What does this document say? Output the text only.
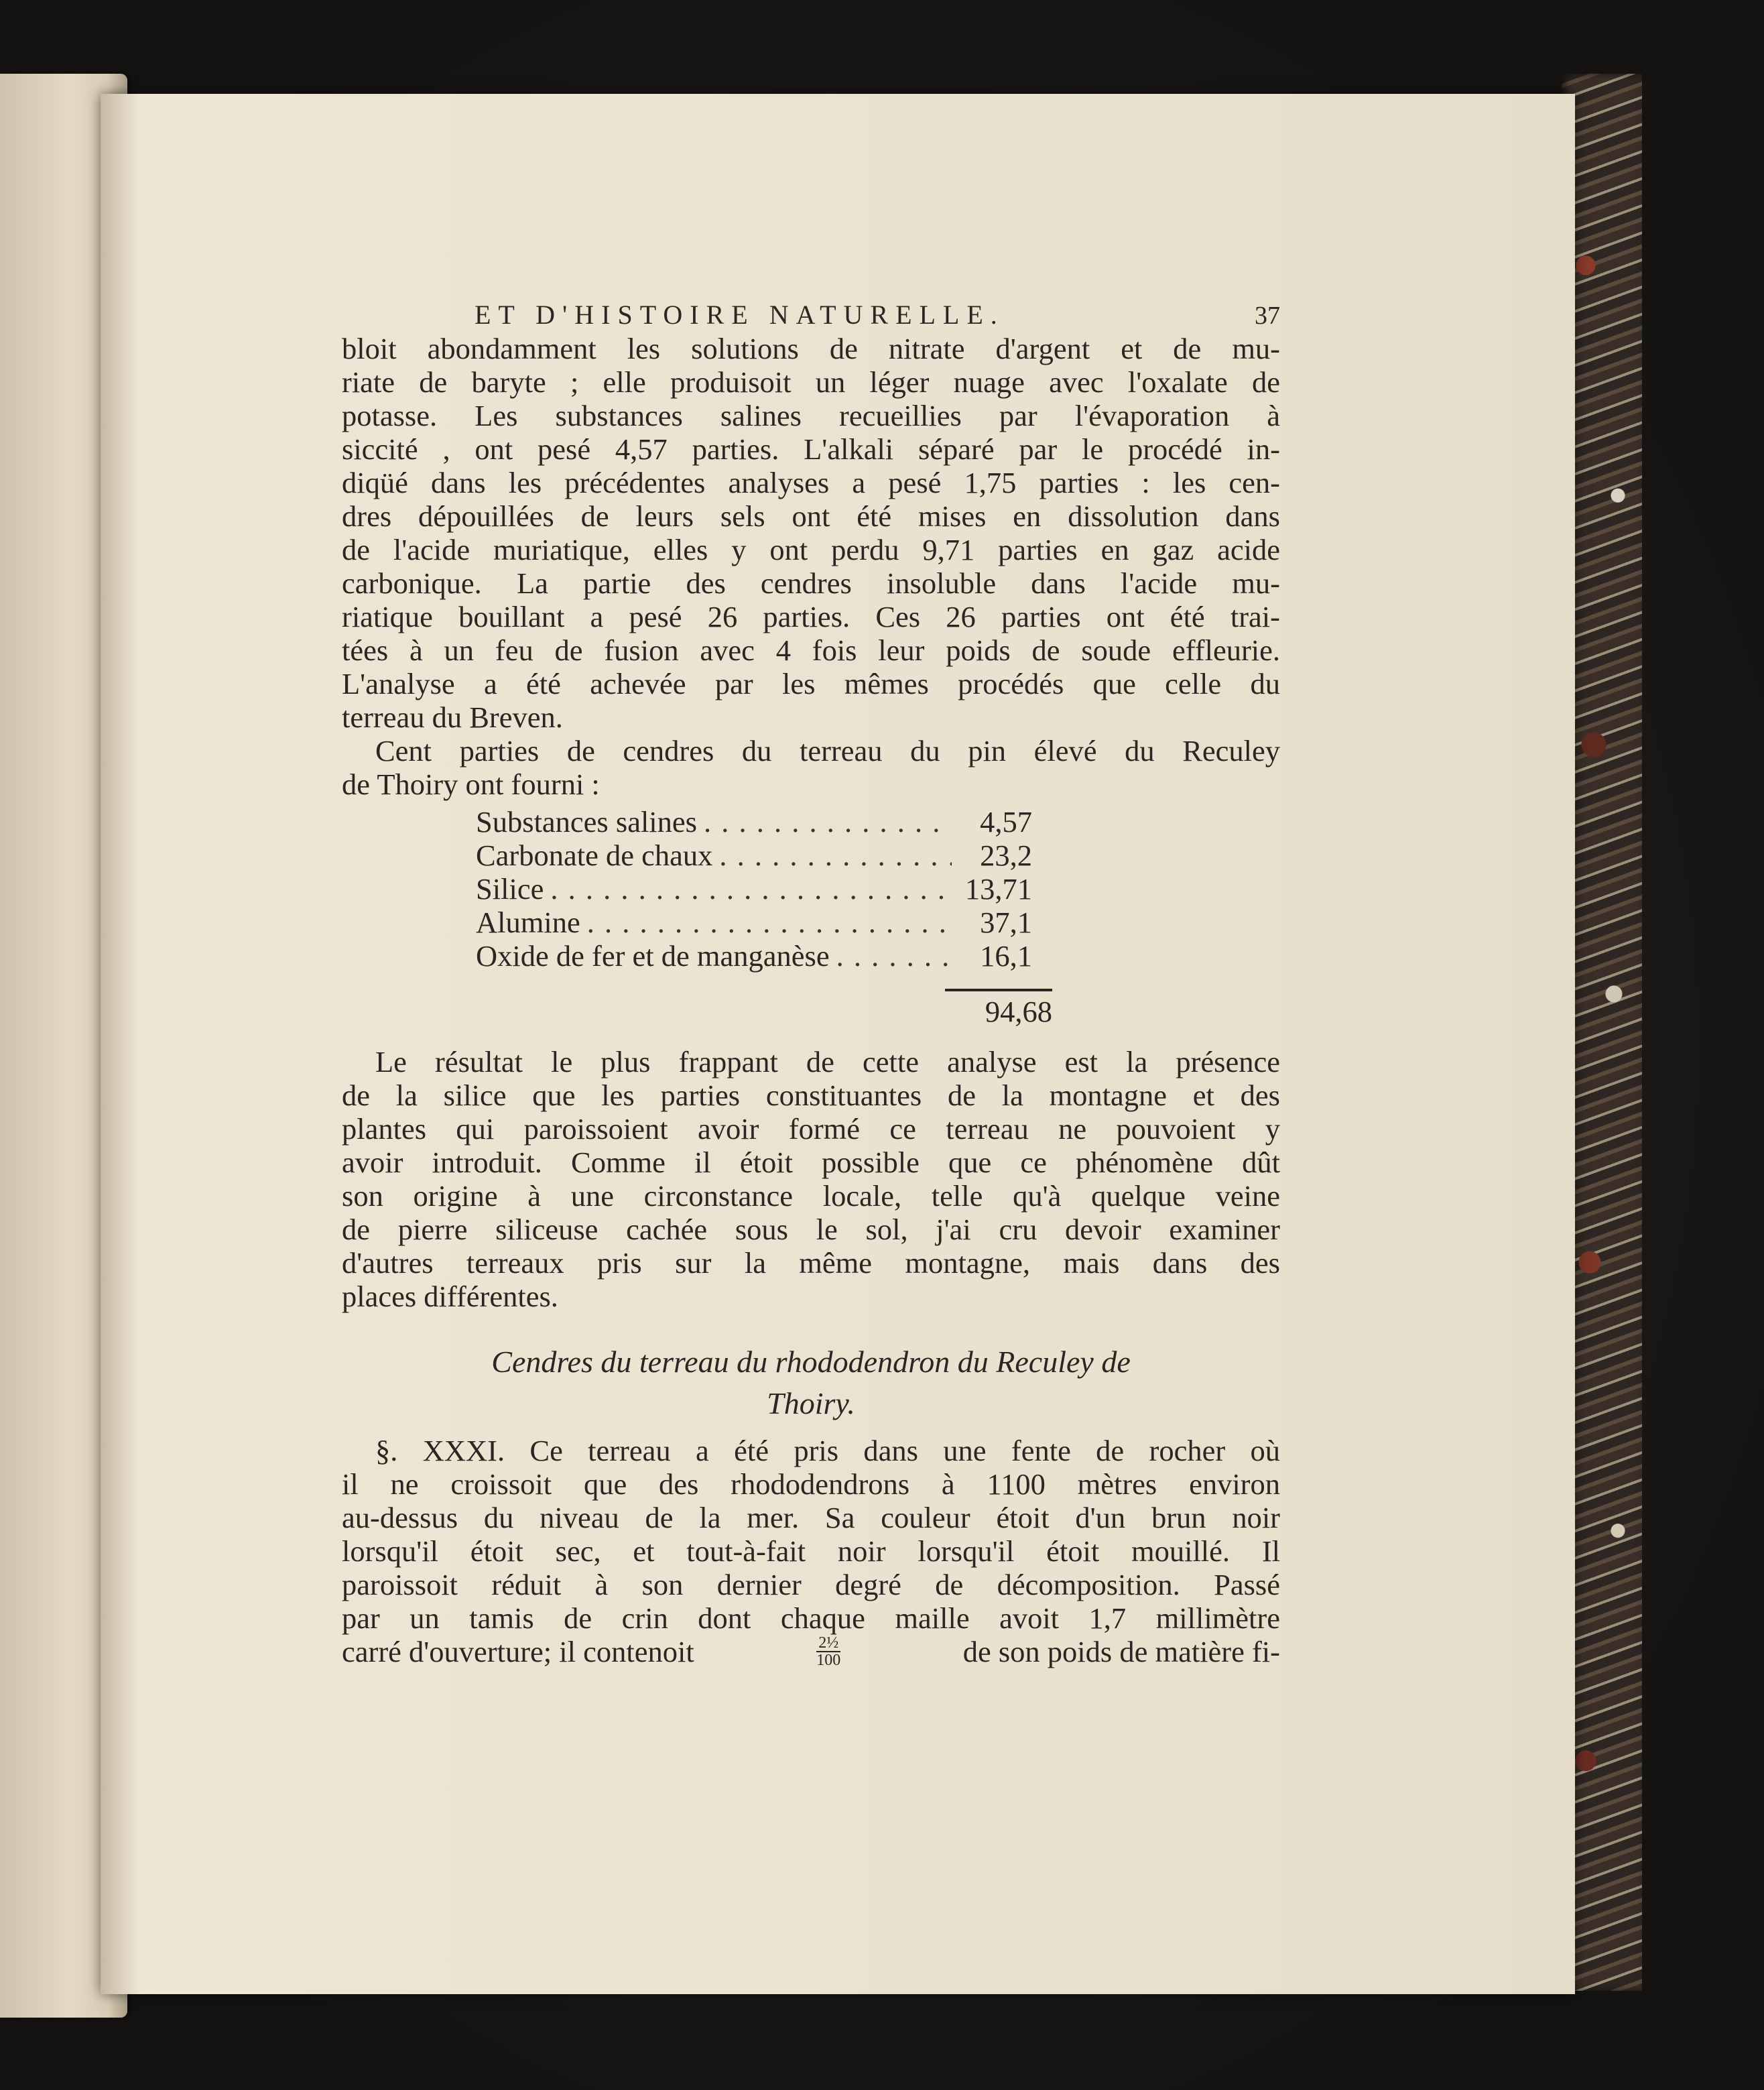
ET D'HISTOIRE NATURELLE.	37
bloit abondamment les solutions de nitrate d'argent et de mu-
riate de baryte ; elle produisoit un léger nuage avec l'oxalate de
potasse. Les substances salines recueillies par l'évaporation à
siccité , ont pesé 4,57 parties. L'alkali séparé par le procédé in-
diqüé dans les précédentes analyses a pesé 1,75 parties : les cen-
dres dépouillées de leurs sels ont été mises en dissolution dans
de l'acide muriatique, elles y ont perdu 9,71 parties en gaz acide
carbonique. La partie des cendres insoluble dans l'acide mu-
riatique bouillant a pesé 26 parties. Ces 26 parties ont été trai-
tées à un feu de fusion avec 4 fois leur poids de soude effleurie.
L'analyse a été achevée par les mêmes procédés que celle du
terreau du Breven.
Cent parties de cendres du terreau du pin élevé du Reculey
de Thoiry ont fourni :
Substances salines . . .	4,57
Carbonate de chaux . . .	23,2
Silice . . .	13,71
Alumine . . .	37,1
Oxide de fer et de manganèse . . .	16,1
94,68
Le résultat le plus frappant de cette analyse est la présence
de la silice que les parties constituantes de la montagne et des
plantes qui paroissoient avoir formé ce terreau ne pouvoient y
avoir introduit. Comme il étoit possible que ce phénomène dût
son origine à une circonstance locale, telle qu'à quelque veine
de pierre siliceuse cachée sous le sol, j'ai cru devoir examiner
d'autres terreaux pris sur la même montagne, mais dans des
places différentes.
Cendres du terreau du rhododendron du Reculey de
Thoiry.
§. XXXI. Ce terreau a été pris dans une fente de rocher où
il ne croissoit que des rhododendrons à 1100 mètres environ
au-dessus du niveau de la mer. Sa couleur étoit d'un brun noir
lorsqu'il étoit sec, et tout-à-fait noir lorsqu'il étoit mouillé. Il
paroissoit réduit à son dernier degré de décomposition. Passé
par un tamis de crin dont chaque maille avoit 1,7 millimètre
carré d'ouverture; il contenoit	$\frac{\text{2½}}{100}$	de son poids de matière fi-
